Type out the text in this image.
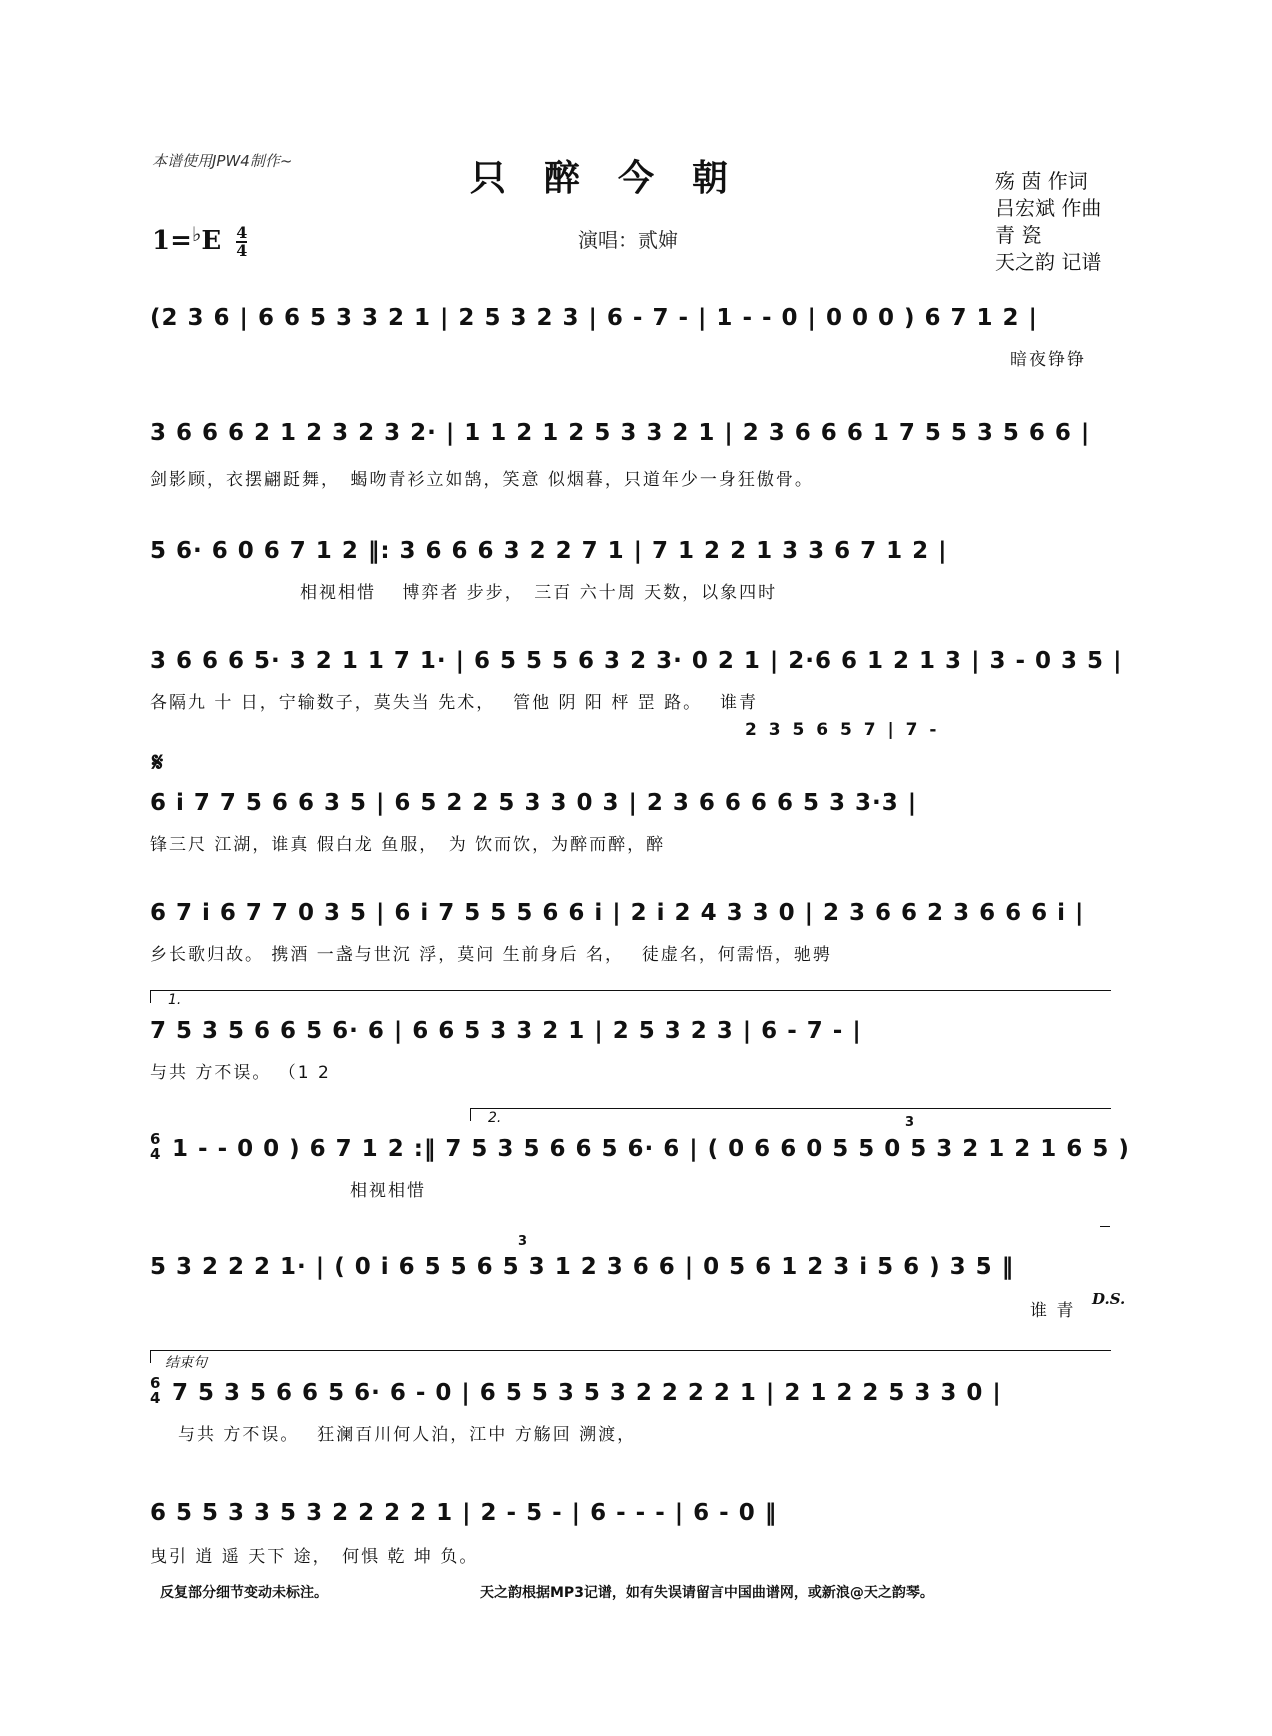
本谱使用JPW4制作~	只醉今朝
$1=^♭E \frac{4}{4}$	演唱：贰婶
殇 茵 作词
吕宏斌 作曲
青 瓷
天之韵 记谱
(2 3 6 | 6 6 5 3 3 2 1 | 2 5 3 2 3 | 6 - 7 - | 1 - - 0 | 0 0 0 ) 6 7 1 2 |
暗夜铮铮
3 6 6 6 2 1 2 3 2 3 2· | 1 1 2 1 2 5 3 3 2 1 | 2 3 6 6 6 1 7 5 5 3 5 6 6 |
剑影顾，衣摆翩跹舞，　蝎吻青衫立如鹄，笑意 似烟暮，只道年少一身狂傲骨。
5 6· 6 0 6 7 1 2 ‖: 3 6 6 6 3 2 2 7 1 | 7 1 2 2 1 3 3 6 7 1 2 |
相视相惜　 博弈者 步步，　三百 六十周 天数，以象四时
3 6 6 6 5· 3 2 1 1 7 1· | 6 5 5 5 6 3 2 3· 0 2 1 | 2·6 6 1 2 1 3 | 3 - 0 3 5 |
各隔九 十 日，宁输数子，莫失当 先术，　 管他 阴 阳 枰 罡 路。　 谁青
2 3 5 6 5 7 | 7 -
𝄋
6 i 7 7 5 6 6 3 5 | 6 5 2 2 5 3 3 0 3 | 2 3 6 6 6 6 5 3 3·3 |
锋三尺 江湖，谁真 假白龙 鱼服，　为 饮而饮，为醉而醉，醉
6 7 i 6 7 7 0 3 5 | 6 i 7 5 5 5 6 6 i | 2 i 2 4 3 3 0 | 2 3 6 6 2 3 6 6 6 i |
乡长歌归故。 携酒 一盏与世沉 浮，莫问 生前身后 名，　 徒虚名，何需悟，驰骋
1.
7 5 3 5 6 6 5 6· 6 | 6 6 5 3 3 2 1 | 2 5 3 2 3 | 6 - 7 - |
与共 方不误。 （1 2
2.
6
4 1 - - 0 0 ) 6 7 1 2 :‖ 7 5 3 5 6 6 5 6· 6 | ( 0 6 6 0 5 5 0 5 3 2 1 2 1 6 5 )
相视相惜
3
5 3 2 2 2 1· | ( 0 i 6 5 5 6 5 3 1 2 3 6 6 | 0 5 6 1 2 3 i 5 6 ) 3 5 ‖
3
谁 青
D.S.
结束句
6
4 7 5 3 5 6 6 5 6· 6 - 0 | 6 5 5 3 5 3 2 2 2 2 1 | 2 1 2 2 5 3 3 0 |
与共 方不误。　 狂澜百川何人泊，江中 方觞回 溯渡，
6 5 5 3 3 5 3 2 2 2 2 1 | 2 - 5 - | 6 - - - | 6 - 0 ‖
曳引 逍 遥 天下 途，　何惧 乾 坤 负。
反复部分细节变动未标注。	天之韵根据MP3记谱，如有失误请留言中国曲谱网，或新浪@天之韵琴。
